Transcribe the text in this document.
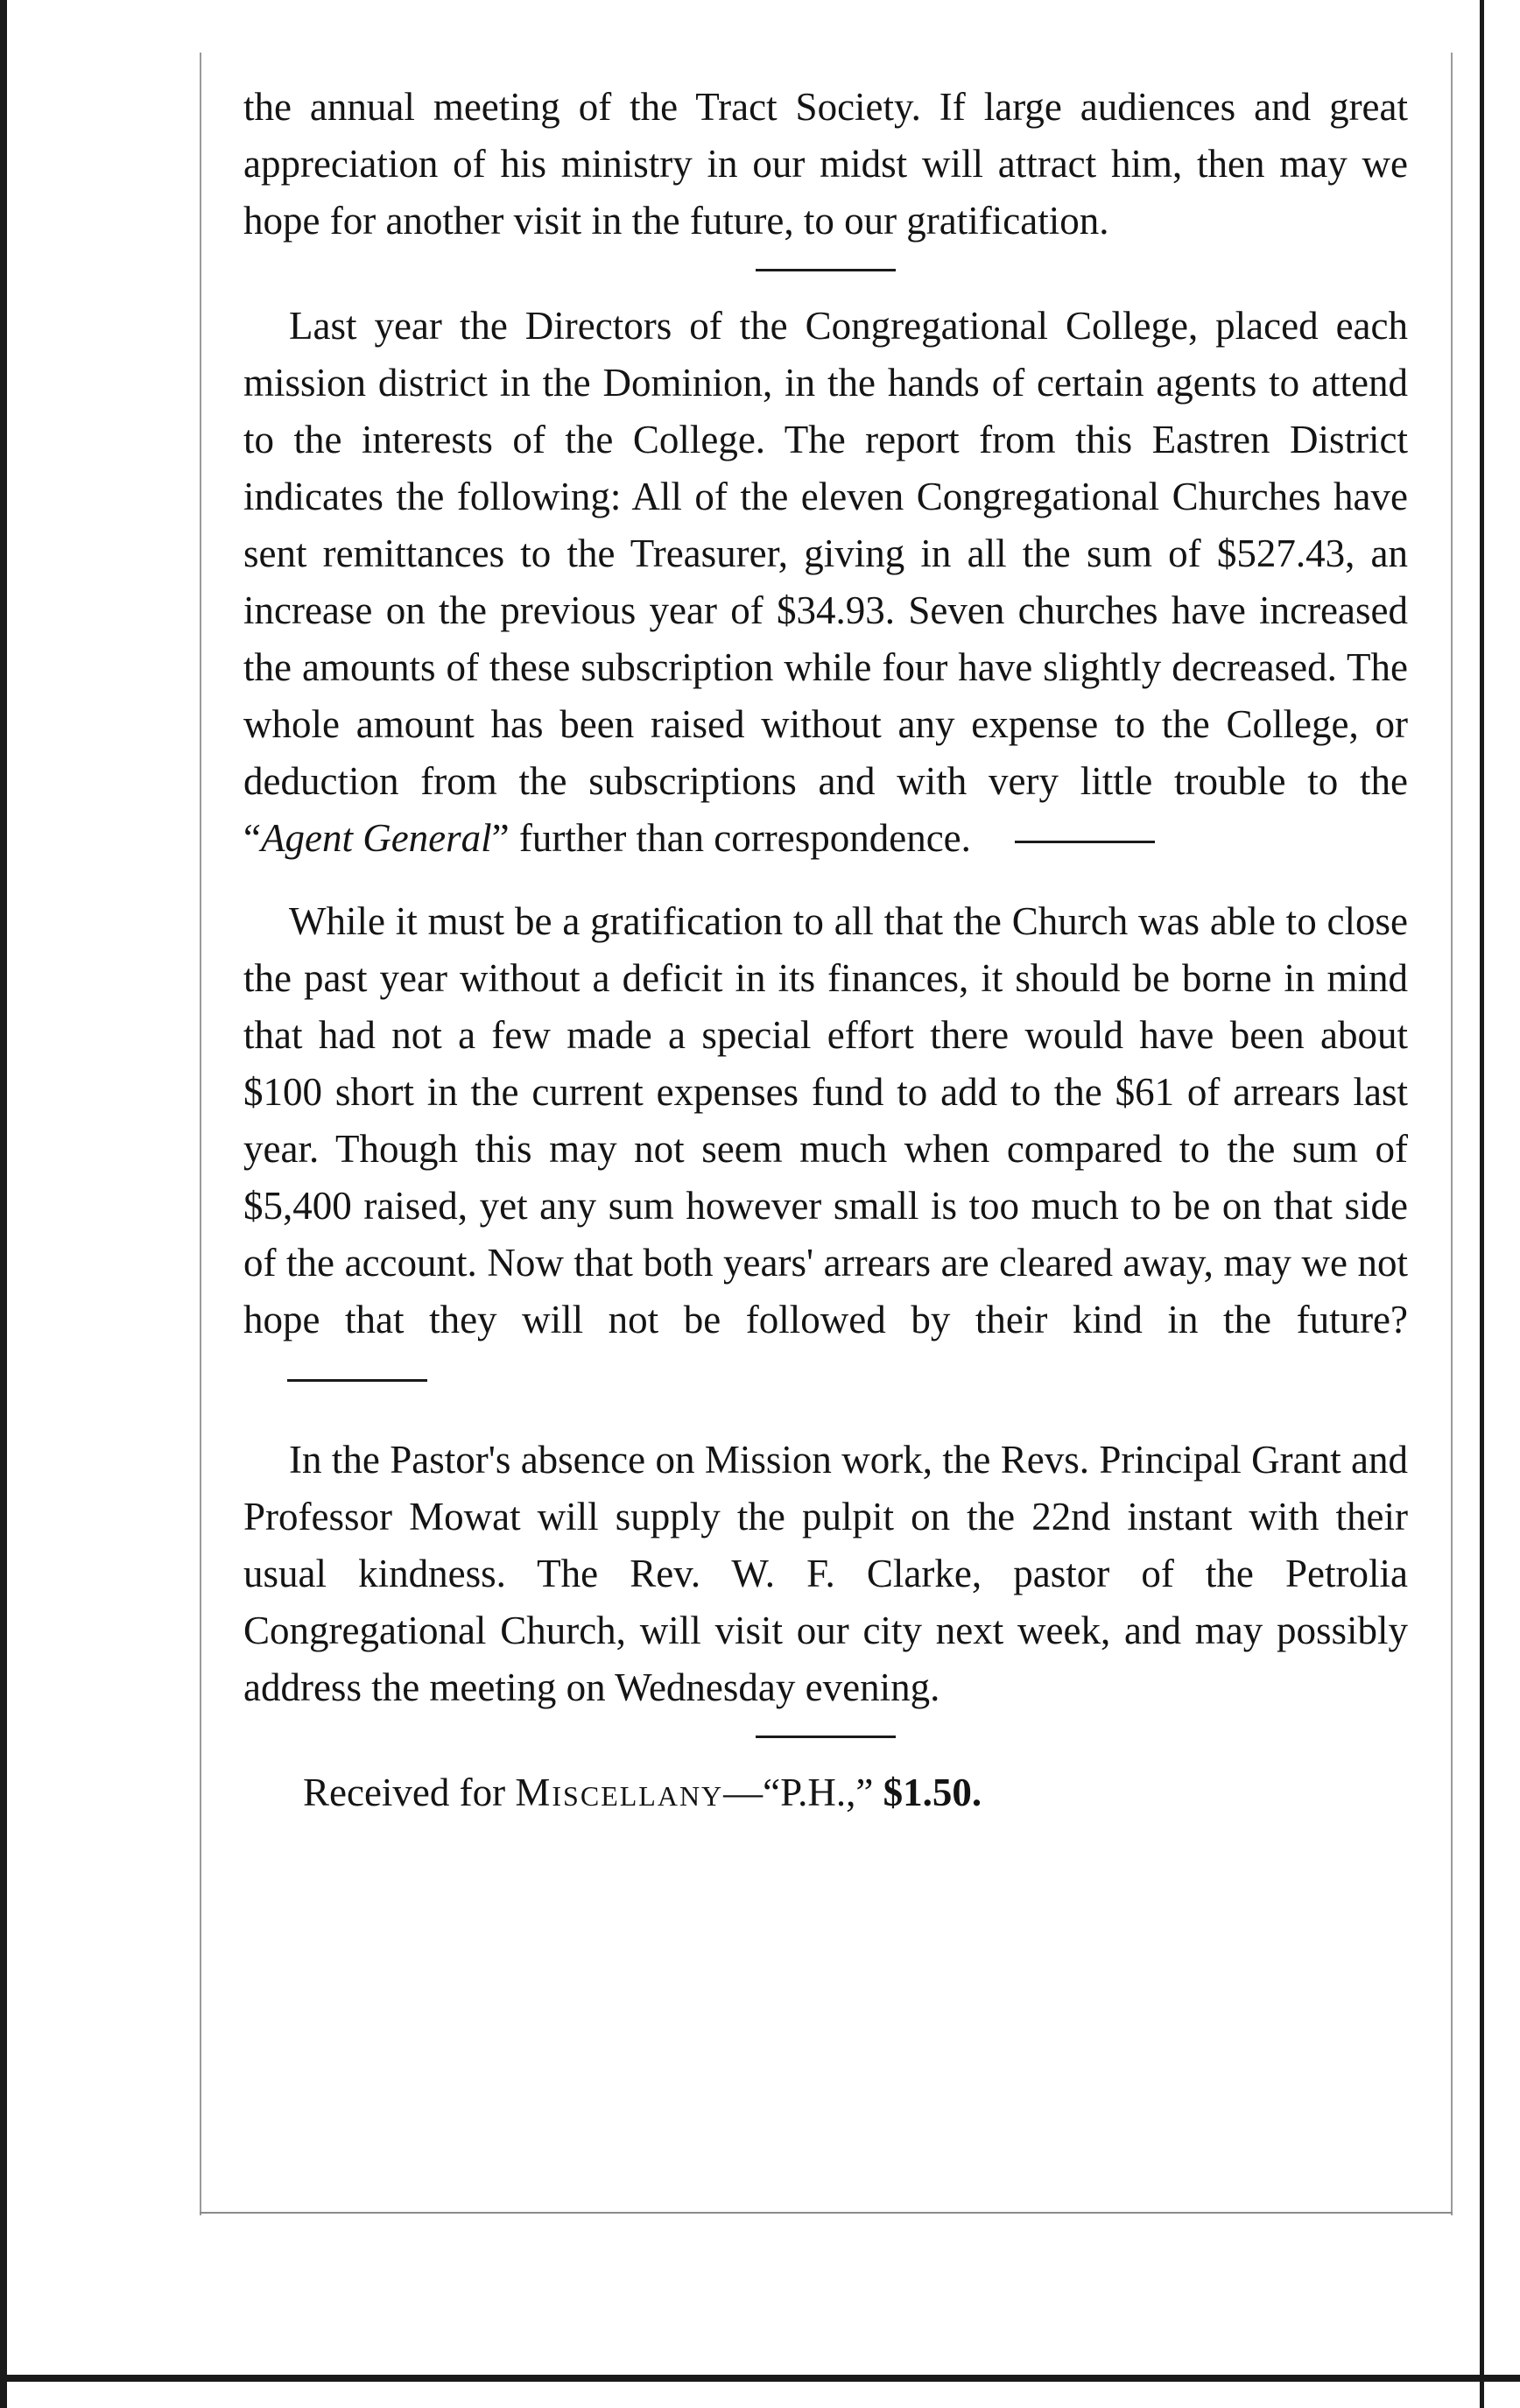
the annual meeting of the Tract Society. If large audiences and great appreciation of his ministry in our midst will attract him, then may we hope for another visit in the future, to our gratification.

Last year the Directors of the Congregational College, placed each mission district in the Dominion, in the hands of certain agents to attend to the interests of the College. The report from this Eastren District indicates the following: All of the eleven Congregational Churches have sent remittances to the Treasurer, giving in all the sum of $527.43, an increase on the previous year of $34.93. Seven churches have increased the amounts of these subscription while four have slightly decreased. The whole amount has been raised without any expense to the College, or deduction from the subscriptions and with very little trouble to the “Agent General” further than correspondence.

While it must be a gratification to all that the Church was able to close the past year without a deficit in its finances, it should be borne in mind that had not a few made a special effort there would have been about $100 short in the current expenses fund to add to the $61 of arrears last year. Though this may not seem much when compared to the sum of $5,400 raised, yet any sum however small is too much to be on that side of the account. Now that both years' arrears are cleared away, may we not hope that they will not be followed by their kind in the future?

In the Pastor's absence on Mission work, the Revs. Principal Grant and Professor Mowat will supply the pulpit on the 22nd instant with their usual kindness. The Rev. W. F. Clarke, pastor of the Petrolia Congregational Church, will visit our city next week, and may possibly address the meeting on Wednesday evening.

Received for Miscellany—“P.H.,” $1.50.
